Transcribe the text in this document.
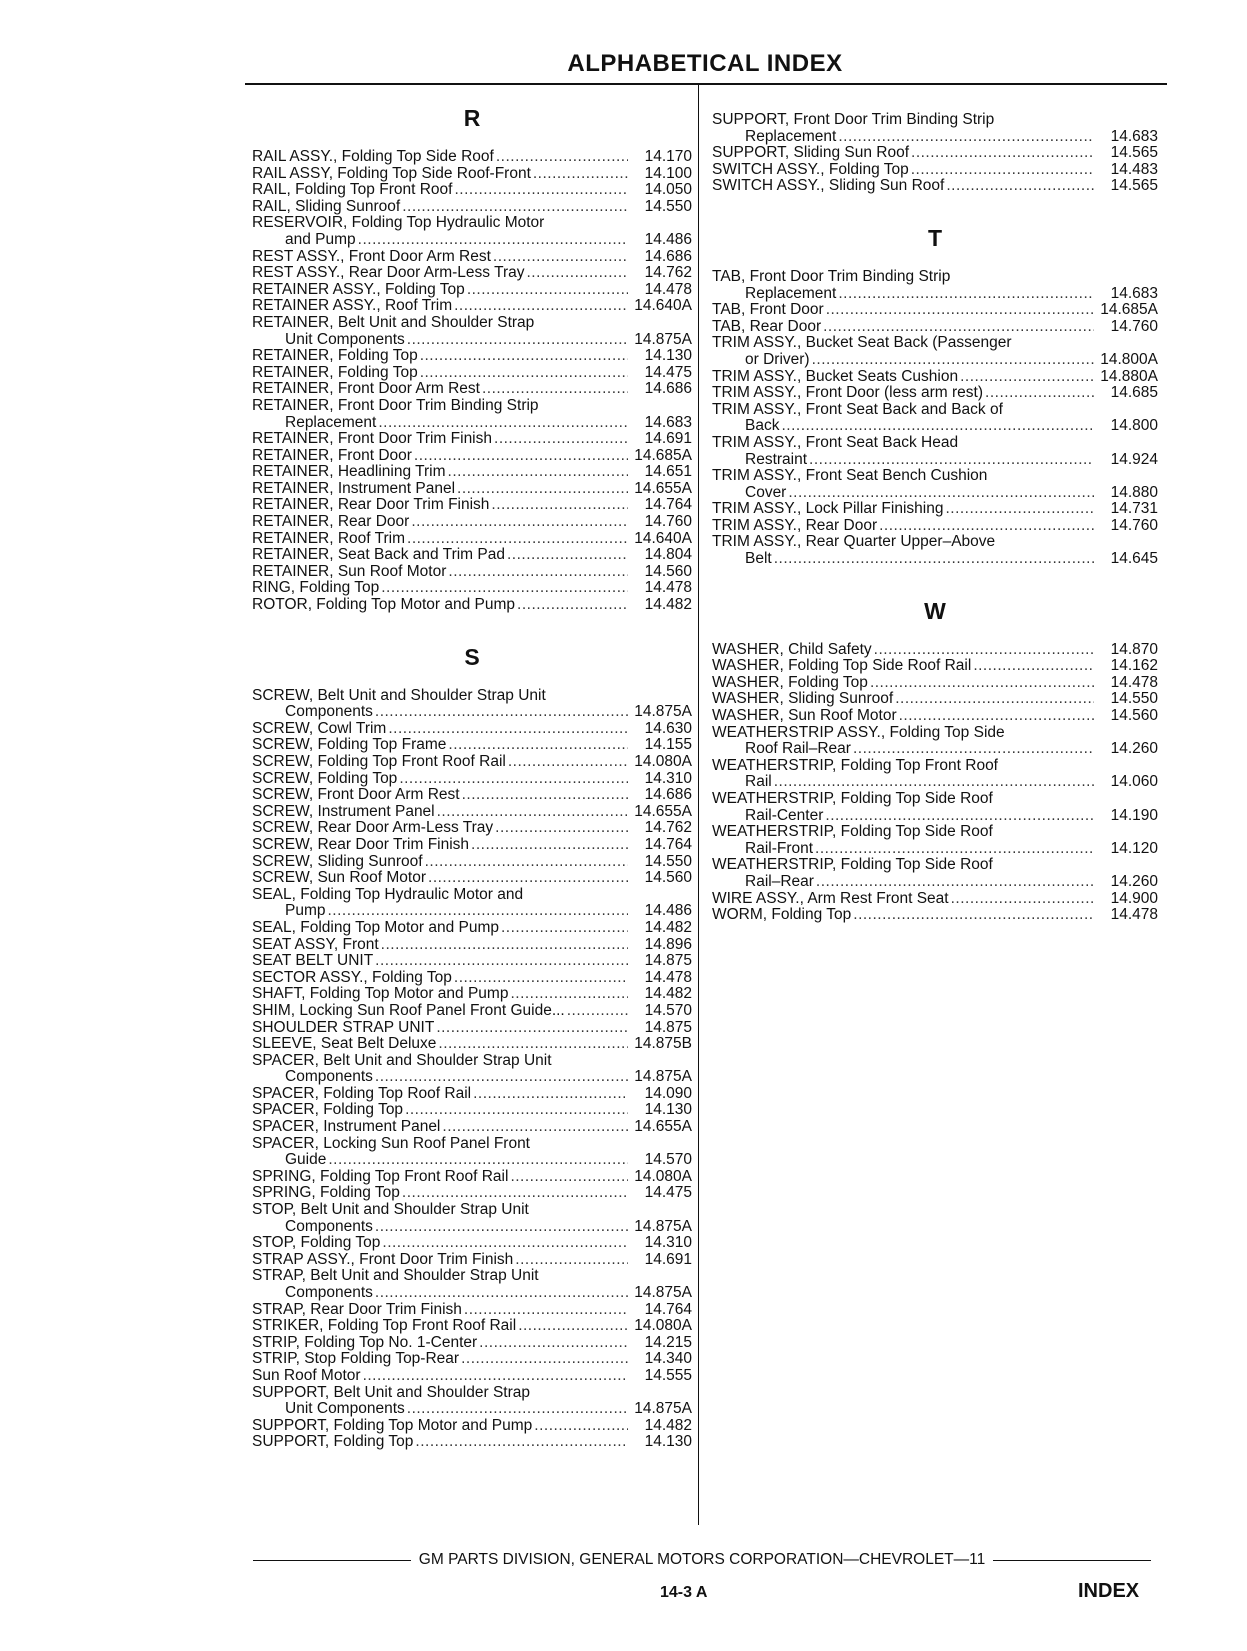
ALPHABETICAL INDEX
R
RAIL ASSY., Folding Top Side Roof .....	14.170
RAIL ASSY, Folding Top Side Roof-Front .....	14.100
RAIL, Folding Top Front Roof .....	14.050
RAIL, Sliding Sunroof .....	14.550
RESERVOIR, Folding Top Hydraulic Motor
and Pump .....	14.486
REST ASSY., Front Door Arm Rest .....	14.686
REST ASSY., Rear Door Arm-Less Tray .....	14.762
RETAINER ASSY., Folding Top .....	14.478
RETAINER ASSY., Roof Trim .....	14.640A
RETAINER, Belt Unit and Shoulder Strap
Unit Components .....	14.875A
RETAINER, Folding Top .....	14.130
RETAINER, Folding Top .....	14.475
RETAINER, Front Door Arm Rest .....	14.686
RETAINER, Front Door Trim Binding Strip
Replacement .....	14.683
RETAINER, Front Door Trim Finish .....	14.691
RETAINER, Front Door .....	14.685A
RETAINER, Headlining Trim .....	14.651
RETAINER, Instrument Panel .....	14.655A
RETAINER, Rear Door Trim Finish .....	14.764
RETAINER, Rear Door .....	14.760
RETAINER, Roof Trim .....	14.640A
RETAINER, Seat Back and Trim Pad .....	14.804
RETAINER, Sun Roof Motor .....	14.560
RING, Folding Top .....	14.478
ROTOR, Folding Top Motor and Pump .....	14.482
S
SCREW, Belt Unit and Shoulder Strap Unit
Components .....	14.875A
SCREW, Cowl Trim .....	14.630
SCREW, Folding Top Frame .....	14.155
SCREW, Folding Top Front Roof Rail .....	14.080A
SCREW, Folding Top .....	14.310
SCREW, Front Door Arm Rest .....	14.686
SCREW, Instrument Panel .....	14.655A
SCREW, Rear Door Arm-Less Tray .....	14.762
SCREW, Rear Door Trim Finish .....	14.764
SCREW, Sliding Sunroof .....	14.550
SCREW, Sun Roof Motor .....	14.560
SEAL, Folding Top Hydraulic Motor and
Pump .....	14.486
SEAL, Folding Top Motor and Pump .....	14.482
SEAT ASSY, Front .....	14.896
SEAT BELT UNIT .....	14.875
SECTOR ASSY., Folding Top .....	14.478
SHAFT, Folding Top Motor and Pump .....	14.482
SHIM, Locking Sun Roof Panel Front Guide... .....	14.570
SHOULDER STRAP UNIT .....	14.875
SLEEVE, Seat Belt Deluxe .....	14.875B
SPACER, Belt Unit and Shoulder Strap Unit
Components .....	14.875A
SPACER, Folding Top Roof Rail .....	14.090
SPACER, Folding Top .....	14.130
SPACER, Instrument Panel .....	14.655A
SPACER, Locking Sun Roof Panel Front
Guide .....	14.570
SPRING, Folding Top Front Roof Rail .....	14.080A
SPRING, Folding Top .....	14.475
STOP, Belt Unit and Shoulder Strap Unit
Components .....	14.875A
STOP, Folding Top .....	14.310
STRAP ASSY., Front Door Trim Finish .....	14.691
STRAP, Belt Unit and Shoulder Strap Unit
Components .....	14.875A
STRAP, Rear Door Trim Finish .....	14.764
STRIKER, Folding Top Front Roof Rail .....	14.080A
STRIP, Folding Top No. 1-Center .....	14.215
STRIP, Stop Folding Top-Rear .....	14.340
Sun Roof Motor .....	14.555
SUPPORT, Belt Unit and Shoulder Strap
Unit Components .....	14.875A
SUPPORT, Folding Top Motor and Pump .....	14.482
SUPPORT, Folding Top .....	14.130
SUPPORT, Front Door Trim Binding Strip
Replacement .....	14.683
SUPPORT, Sliding Sun Roof .....	14.565
SWITCH ASSY., Folding Top .....	14.483
SWITCH ASSY., Sliding Sun Roof .....	14.565
T
TAB, Front Door Trim Binding Strip
Replacement .....	14.683
TAB, Front Door .....	14.685A
TAB, Rear Door .....	14.760
TRIM ASSY., Bucket Seat Back (Passenger
or Driver) .....	14.800A
TRIM ASSY., Bucket Seats Cushion .....	14.880A
TRIM ASSY., Front Door (less arm rest) .....	14.685
TRIM ASSY., Front Seat Back and Back of
Back .....	14.800
TRIM ASSY., Front Seat Back Head
Restraint .....	14.924
TRIM ASSY., Front Seat Bench Cushion
Cover .....	14.880
TRIM ASSY., Lock Pillar Finishing .....	14.731
TRIM ASSY., Rear Door .....	14.760
TRIM ASSY., Rear Quarter Upper–Above
Belt .....	14.645
W
WASHER, Child Safety .....	14.870
WASHER, Folding Top Side Roof Rail .....	14.162
WASHER, Folding Top .....	14.478
WASHER, Sliding Sunroof .....	14.550
WASHER, Sun Roof Motor .....	14.560
WEATHERSTRIP ASSY., Folding Top Side
Roof Rail–Rear .....	14.260
WEATHERSTRIP, Folding Top Front Roof
Rail .....	14.060
WEATHERSTRIP, Folding Top Side Roof
Rail-Center .....	14.190
WEATHERSTRIP, Folding Top Side Roof
Rail-Front .....	14.120
WEATHERSTRIP, Folding Top Side Roof
Rail–Rear .....	14.260
WIRE ASSY., Arm Rest Front Seat .....	14.900
WORM, Folding Top .....	14.478
GM PARTS DIVISION, GENERAL MOTORS CORPORATION—CHEVROLET—11
14-3 A	INDEX
